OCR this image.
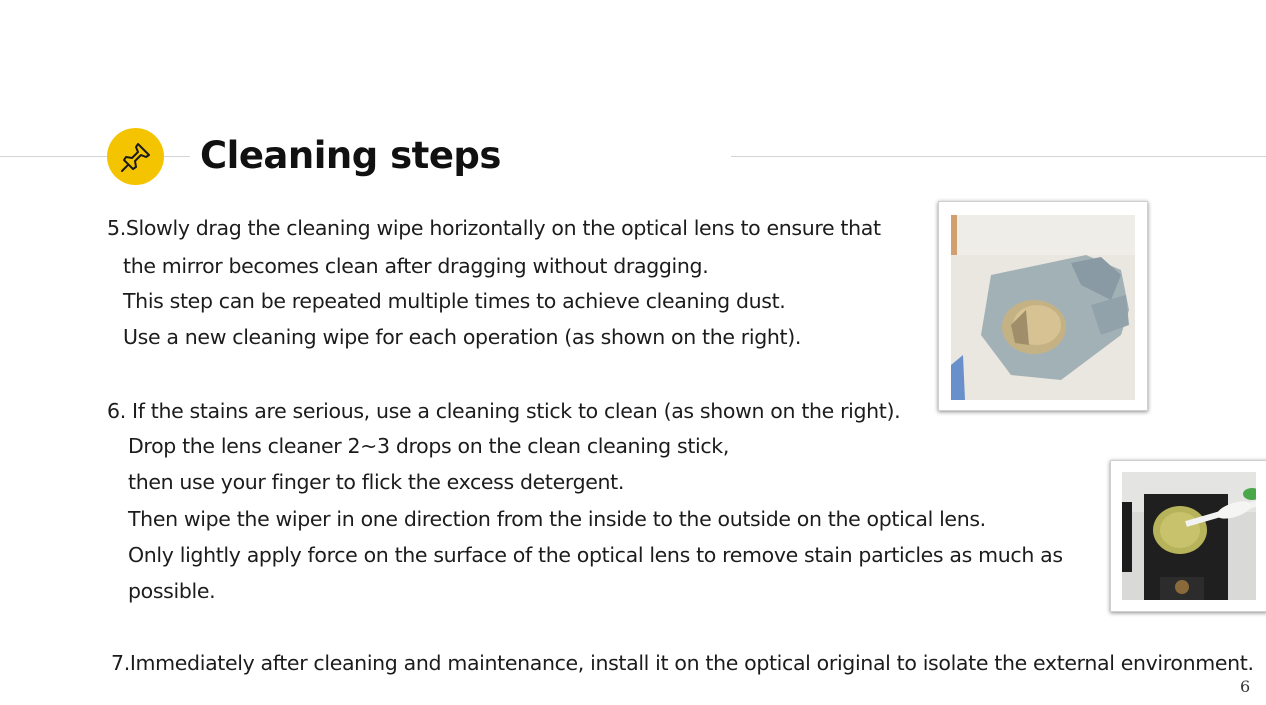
Cleaning steps
5.Slowly drag the cleaning wipe horizontally on the optical lens to ensure that
the mirror becomes clean after dragging without dragging.
This step can be repeated multiple times to achieve cleaning dust.
Use a new cleaning wipe for each operation (as shown on the right).
6. If the stains are serious, use a cleaning stick to clean (as shown on the right).
Drop the lens cleaner 2~3 drops on the clean cleaning stick,
then use your finger to flick the excess detergent.
Then wipe the wiper in one direction from the inside to the outside on the optical lens.
Only lightly apply force on the surface of the optical lens to remove stain particles as much as
possible.
7.Immediately after cleaning and maintenance, install it on the optical original to isolate the external environment.
6
